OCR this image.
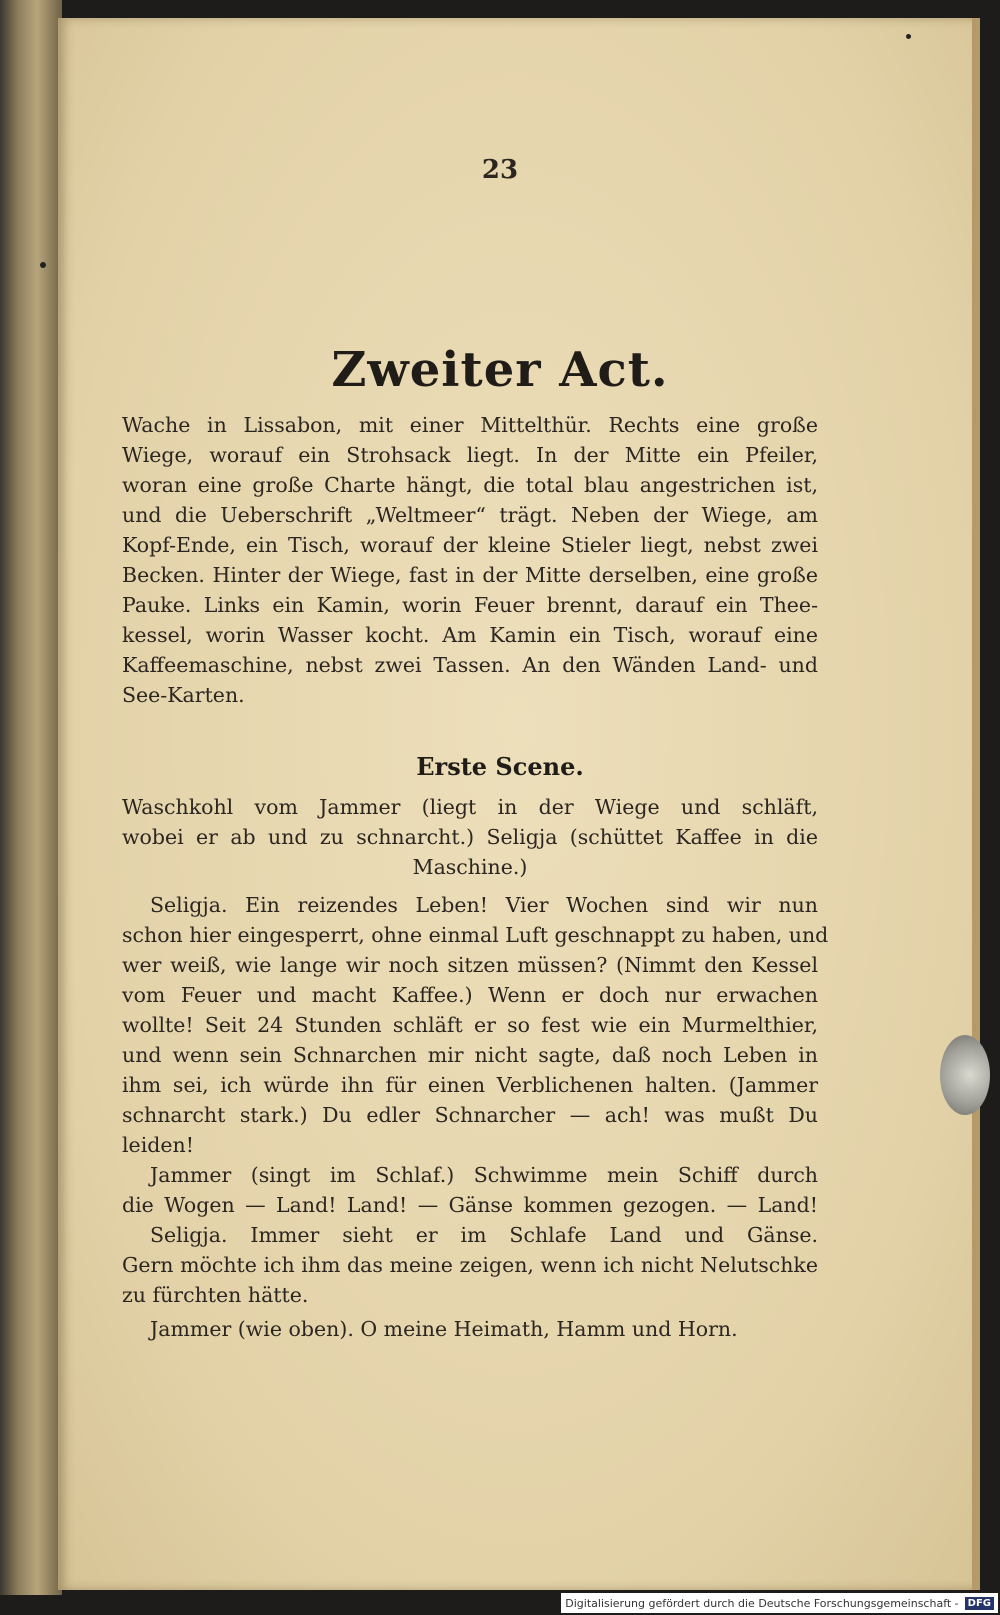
23
Zweiter Act.
Wache in Lissabon, mit einer Mittelthür. Rechts eine große
Wiege, worauf ein Strohsack liegt. In der Mitte ein Pfeiler,
woran eine große Charte hängt, die total blau angestrichen ist,
und die Ueberschrift „Weltmeer“ trägt. Neben der Wiege, am
Kopf-Ende, ein Tisch, worauf der kleine Stieler liegt, nebst zwei
Becken. Hinter der Wiege, fast in der Mitte derselben, eine große
Pauke. Links ein Kamin, worin Feuer brennt, darauf ein Thee-
kessel, worin Wasser kocht. Am Kamin ein Tisch, worauf eine
Kaffeemaschine, nebst zwei Tassen. An den Wänden Land- und
See-Karten.
Erste Scene.
Waschkohl vom Jammer (liegt in der Wiege und schläft,
wobei er ab und zu schnarcht.) Seligja (schüttet Kaffee in die
Maschine.)
Seligja. Ein reizendes Leben! Vier Wochen sind wir nun
schon hier eingesperrt, ohne einmal Luft geschnappt zu haben, und
wer weiß, wie lange wir noch sitzen müssen? (Nimmt den Kessel
vom Feuer und macht Kaffee.) Wenn er doch nur erwachen
wollte! Seit 24 Stunden schläft er so fest wie ein Murmelthier,
und wenn sein Schnarchen mir nicht sagte, daß noch Leben in
ihm sei, ich würde ihn für einen Verblichenen halten. (Jammer
schnarcht stark.) Du edler Schnarcher — ach! was mußt Du
leiden!
Jammer (singt im Schlaf.) Schwimme mein Schiff durch
die Wogen — Land! Land! — Gänse kommen gezogen. — Land!
Seligja. Immer sieht er im Schlafe Land und Gänse.
Gern möchte ich ihm das meine zeigen, wenn ich nicht Nelutschke
zu fürchten hätte.
Jammer (wie oben). O meine Heimath, Hamm und Horn.
Digitalisierung gefördert durch die Deutsche Forschungsgemeinschaft - DFG
